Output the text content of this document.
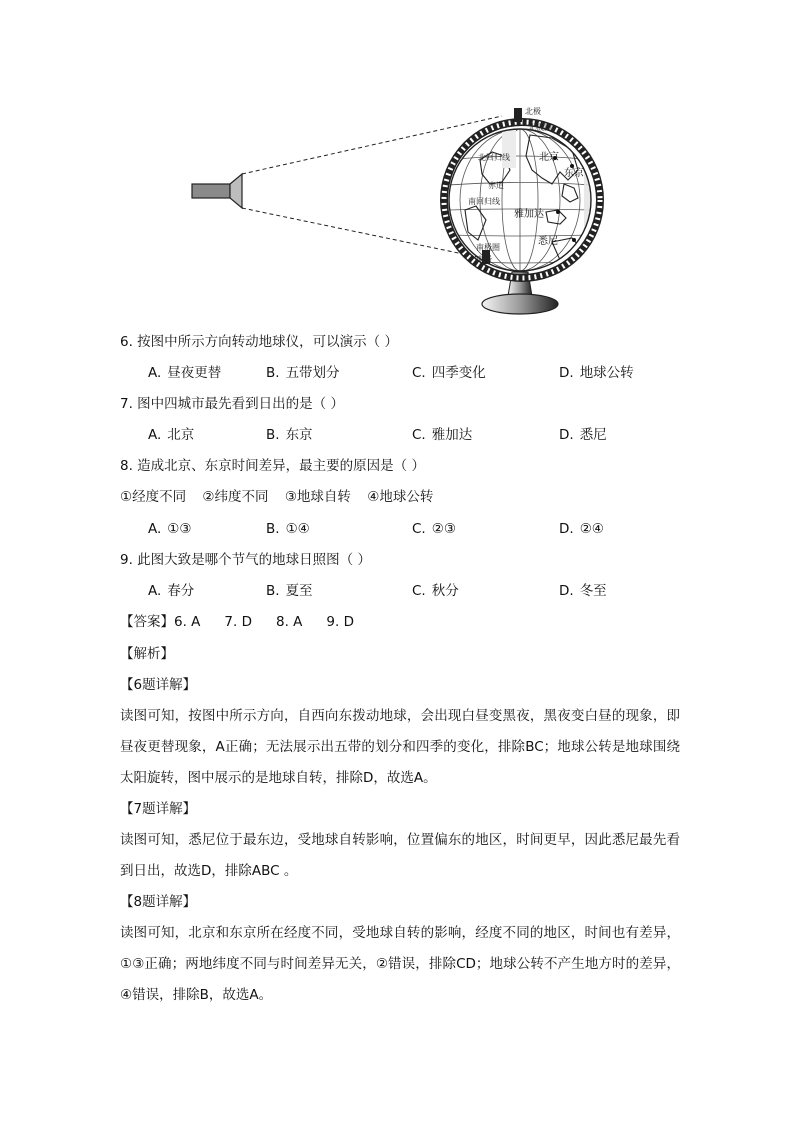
北极
北极圈
北回归线
赤道
南回归线
南极圈
南极
北京
东京
雅加达
悉尼
6. 按图中所示方向转动地球仪，可以演示（ ）
A. 昼夜更替	B. 五带划分	C. 四季变化	D. 地球公转
7. 图中四城市最先看到日出的是（ ）
A. 北京	B. 东京	C. 雅加达	D. 悉尼
8. 造成北京、东京时间差异，最主要的原因是（ ）
①经度不同 ②纬度不同 ③地球自转 ④地球公转
A. ①③	B. ①④	C. ②③	D. ②④
9. 此图大致是哪个节气的地球日照图（ ）
A. 春分	B. 夏至	C. 秋分	D. 冬至
【答案】6. A 7. D 8. A 9. D
【解析】
【6题详解】
读图可知，按图中所示方向，自西向东拨动地球，会出现白昼变黑夜，黑夜变白昼的现象，即昼夜更替现象，A正确；无法展示出五带的划分和四季的变化，排除BC；地球公转是地球围绕太阳旋转，图中展示的是地球自转，排除D，故选A。
【7题详解】
读图可知，悉尼位于最东边，受地球自转影响，位置偏东的地区，时间更早，因此悉尼最先看到日出，故选D，排除ABC 。
【8题详解】
读图可知，北京和东京所在经度不同，受地球自转的影响，经度不同的地区，时间也有差异，①③正确；两地纬度不同与时间差异无关，②错误，排除CD；地球公转不产生地方时的差异，④错误，排除B，故选A。
